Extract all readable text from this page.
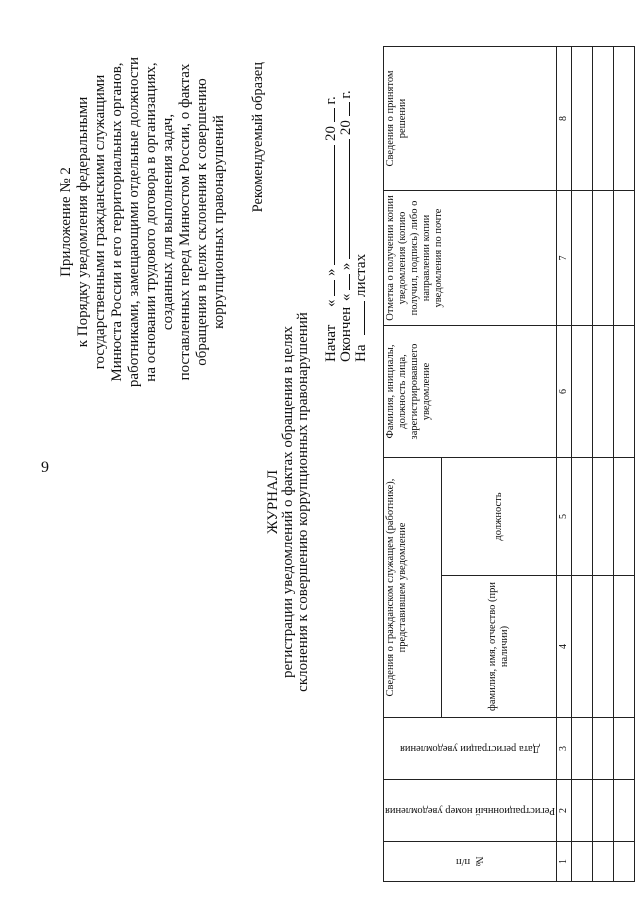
9
Приложение № 2 к Порядку уведомления федеральными государственными гражданскими служащими Минюста России и его территориальных органов, работниками, замещающими отдельные должности на основании трудового договора в организациях, созданных для выполнения задач, поставленных перед Минюстом России, о фактах обращения в целях склонения к совершению коррупционных правонарушений Рекомендуемый образец
ЖУРНАЛ регистрации уведомлений о фактах обращения в целях склонения к совершению коррупционных правонарушений Начат «  »  20  г.
Окончен «  »  20  г.
На  листах
№ п/п	Регистрационный номер уведомления	Дата регистрации уведомления	Сведения о гражданском служащем (работнике), представившем уведомление		Фамилия, инициалы, должность лица, зарегистрировавшего уведомление	Отметка о получении копии уведомления (копию получил, подпись) либо о направлении копии уведомления по почте	Сведения о принятом решении
			фамилия, имя, отчество (при наличии)	должность			
1	2	3	4	5	6	7	8
